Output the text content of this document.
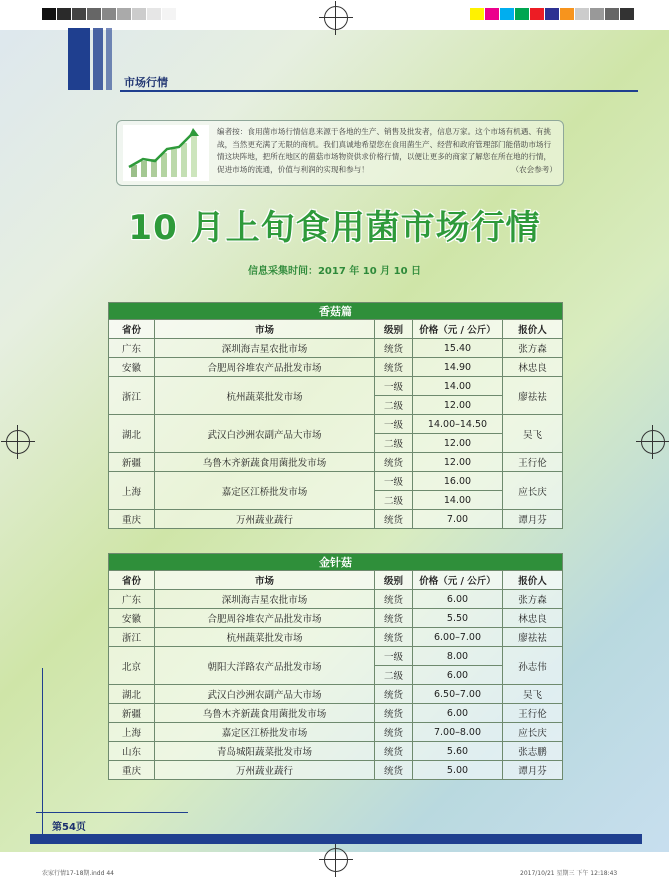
市场行情
编者按：食用菌市场行情信息来源于各地的生产、销售及批发者，信息万家。这个市场有机遇、有挑战，当然更充满了无限的商机。我们真诚地希望您在食用菌生产、经营和政府管理部门能借助市场行情这块阵地，把所在地区的菌菇市场物资供求价格行情，以便让更多的商家了解您在所在地的行情，促进市场的流通，价值与利润的实现和参与！	（农会参考）
10 月上旬食用菌市场行情
信息采集时间：2017 年 10 月 10 日
香菇篇				
省份	市场	级别	价格（元 / 公斤）	报价人
广东	深圳海吉星农批市场	统货	15.40	张方森
安徽	合肥周谷堆农产品批发市场	统货	14.90	林忠良
浙江	杭州蔬菜批发市场	一级	14.00	廖祛祛
		二级	12.00	
湖北	武汉白沙洲农副产品大市场	一级	14.00–14.50	吴飞
		二级	12.00	
新疆	乌鲁木齐新蔬食用菌批发市场	统货	12.00	王行伦
上海	嘉定区江桥批发市场	一级	16.00	应长庆
		二级	14.00	
重庆	万州蔬业蔬行	统货	7.00	谭月芬
金针菇				
省份	市场	级别	价格（元 / 公斤）	报价人
广东	深圳海吉星农批市场	统货	6.00	张方森
安徽	合肥周谷堆农产品批发市场	统货	5.50	林忠良
浙江	杭州蔬菜批发市场	统货	6.00–7.00	廖祛祛
北京	朝阳大洋路农产品批发市场	一级	8.00	孙志伟
		二级	6.00	
湖北	武汉白沙洲农副产品大市场	统货	6.50–7.00	吴飞
新疆	乌鲁木齐新蔬食用菌批发市场	统货	6.00	王行伦
上海	嘉定区江桥批发市场	统货	7.00–8.00	应长庆
山东	青岛城阳蔬菜批发市场	统货	5.60	张志鹏
重庆	万州蔬业蔬行	统货	5.00	谭月芬
第54页
农家行情17-18期.indd 44	2017/10/21 星期三 下午 12:18:43
